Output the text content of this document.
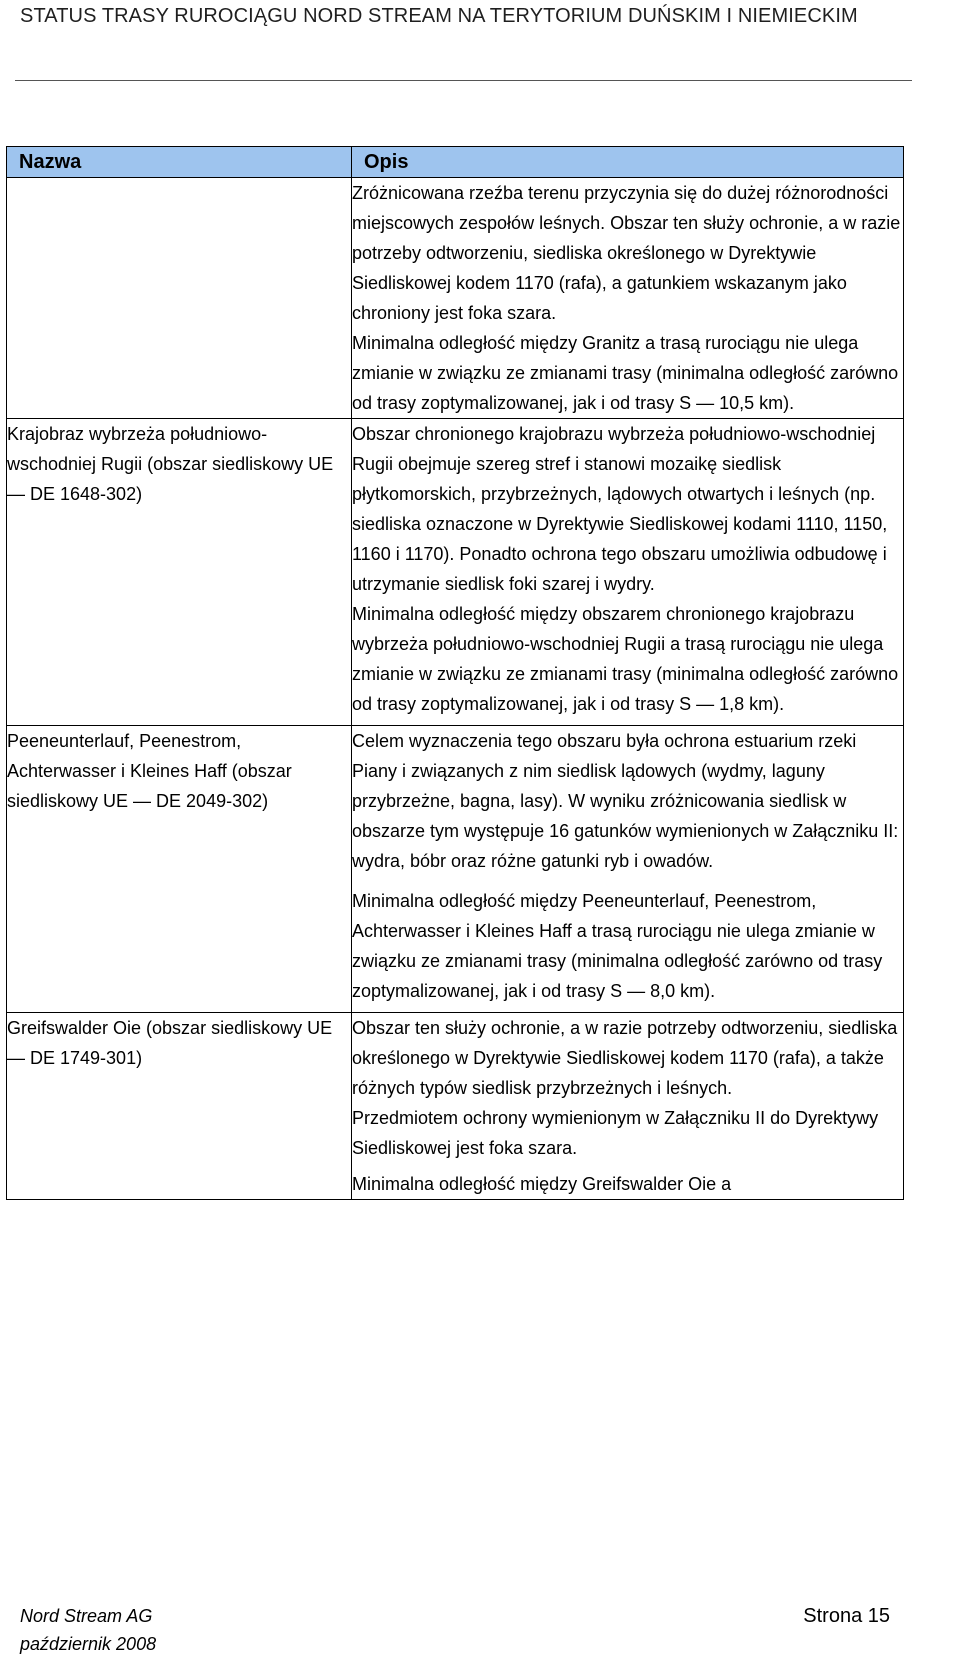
STATUS TRASY RUROCIĄGU NORD STREAM NA TERYTORIUM DUŃSKIM I NIEMIECKIM
Nazwa	Opis

	Zróżnicowana rzeźba terenu przyczynia się do dużej różnorodności miejscowych zespołów leśnych. Obszar ten służy ochronie, a w razie potrzeby odtworzeniu, siedliska określonego w Dyrektywie Siedliskowej kodem 1170 (rafa), a gatunkiem wskazanym jako chroniony jest foka szara.

Minimalna odległość między Granitz a trasą rurociągu nie ulega zmianie w związku ze zmianami trasy (minimalna odległość zarówno od trasy zoptymalizowanej, jak i od trasy S — 10,5 km).

Krajobraz wybrzeża południowo-wschodniej Rugii (obszar siedliskowy UE — DE 1648-302)	Obszar chronionego krajobrazu wybrzeża południowo-wschodniej Rugii obejmuje szereg stref i stanowi mozaikę siedlisk płytkomorskich, przybrzeżnych, lądowych otwartych i leśnych (np. siedliska oznaczone w Dyrektywie Siedliskowej kodami 1110, 1150, 1160 i 1170). Ponadto ochrona tego obszaru umożliwia odbudowę i utrzymanie siedlisk foki szarej i wydry.

Minimalna odległość między obszarem chronionego krajobrazu wybrzeża południowo-wschodniej Rugii a trasą rurociągu nie ulega zmianie w związku ze zmianami trasy (minimalna odległość zarówno od trasy zoptymalizowanej, jak i od trasy S — 1,8 km).

Peeneunterlauf, Peenestrom, Achterwasser i Kleines Haff (obszar siedliskowy UE — DE 2049-302)	Celem wyznaczenia tego obszaru była ochrona estuarium rzeki Piany i związanych z nim siedlisk lądowych (wydmy, laguny przybrzeżne, bagna, lasy). W wyniku zróżnicowania siedlisk w obszarze tym występuje 16 gatunków wymienionych w Załączniku II: wydra, bóbr oraz różne gatunki ryb i owadów.

Minimalna odległość między Peeneunterlauf, Peenestrom, Achterwasser i Kleines Haff a trasą rurociągu nie ulega zmianie w związku ze zmianami trasy (minimalna odległość zarówno od trasy zoptymalizowanej, jak i od trasy S — 8,0 km).

Greifswalder Oie (obszar siedliskowy UE — DE 1749-301)	Obszar ten służy ochronie, a w razie potrzeby odtworzeniu, siedliska określonego w Dyrektywie Siedliskowej kodem 1170 (rafa), a także różnych typów siedlisk przybrzeżnych i leśnych.

Przedmiotem ochrony wymienionym w Załączniku II do Dyrektywy Siedliskowej jest foka szara.

Minimalna odległość między Greifswalder Oie a

Nord Stream AG
październik 2008
Strona 15
